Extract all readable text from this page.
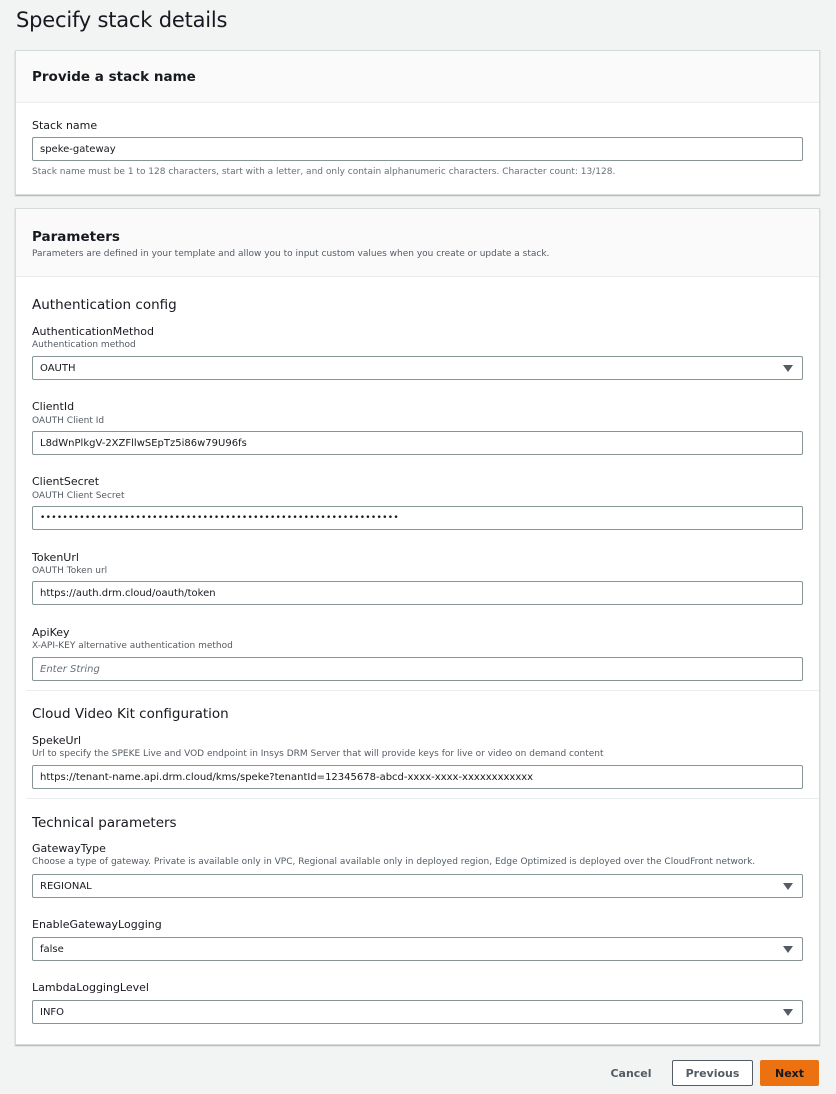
Specify stack details
Provide a stack name
Stack name
speke-gateway
Stack name must be 1 to 128 characters, start with a letter, and only contain alphanumeric characters. Character count: 13/128.
Parameters
Parameters are defined in your template and allow you to input custom values when you create or update a stack.
Authentication config
AuthenticationMethod
Authentication method
OAUTH
ClientId
OAUTH Client Id
L8dWnPlkgV-2XZFllwSEpTz5i86w79U96fs
ClientSecret
OAUTH Client Secret
••••••••••••••••••••••••••••••••••••••••••••••••••••••••••••••••
TokenUrl
OAUTH Token url
https://auth.drm.cloud/oauth/token
ApiKey
X-API-KEY alternative authentication method
Enter String
Cloud Video Kit configuration
SpekeUrl
Url to specify the SPEKE Live and VOD endpoint in Insys DRM Server that will provide keys for live or video on demand content
https://tenant-name.api.drm.cloud/kms/speke?tenantId=12345678-abcd-xxxx-xxxx-xxxxxxxxxxxx
Technical parameters
GatewayType
Choose a type of gateway. Private is available only in VPC, Regional available only in deployed region, Edge Optimized is deployed over the CloudFront network.
REGIONAL
EnableGatewayLogging
false
LambdaLoggingLevel
INFO
Cancel	Previous	Next
